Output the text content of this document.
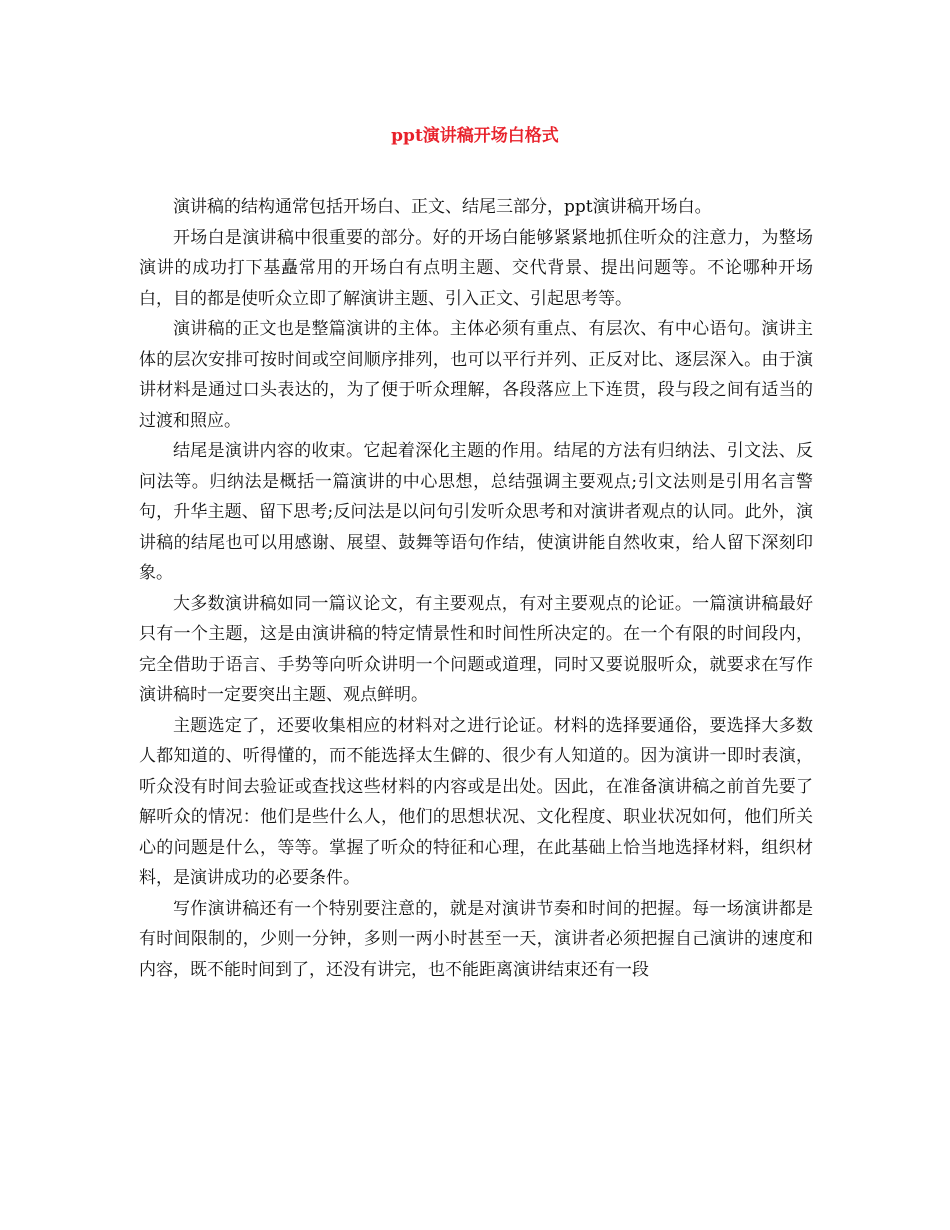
ppt演讲稿开场白格式

演讲稿的结构通常包括开场白、正文、结尾三部分，ppt演讲稿开场白。

开场白是演讲稿中很重要的部分。好的开场白能够紧紧地抓住听众的注意力，为整场演讲的成功打下基矗常用的开场白有点明主题、交代背景、提出问题等。不论哪种开场白，目的都是使听众立即了解演讲主题、引入正文、引起思考等。

演讲稿的正文也是整篇演讲的主体。主体必须有重点、有层次、有中心语句。演讲主体的层次安排可按时间或空间顺序排列，也可以平行并列、正反对比、逐层深入。由于演讲材料是通过口头表达的，为了便于听众理解，各段落应上下连贯，段与段之间有适当的过渡和照应。

结尾是演讲内容的收束。它起着深化主题的作用。结尾的方法有归纳法、引文法、反问法等。归纳法是概括一篇演讲的中心思想，总结强调主要观点;引文法则是引用名言警句，升华主题、留下思考;反问法是以问句引发听众思考和对演讲者观点的认同。此外，演讲稿的结尾也可以用感谢、展望、鼓舞等语句作结，使演讲能自然收束，给人留下深刻印象。

大多数演讲稿如同一篇议论文，有主要观点，有对主要观点的论证。一篇演讲稿最好只有一个主题，这是由演讲稿的特定情景性和时间性所决定的。在一个有限的时间段内，完全借助于语言、手势等向听众讲明一个问题或道理，同时又要说服听众，就要求在写作演讲稿时一定要突出主题、观点鲜明。

主题选定了，还要收集相应的材料对之进行论证。材料的选择要通俗，要选择大多数人都知道的、听得懂的，而不能选择太生僻的、很少有人知道的。因为演讲一即时表演，听众没有时间去验证或查找这些材料的内容或是出处。因此，在准备演讲稿之前首先要了解听众的情况：他们是些什么人，他们的思想状况、文化程度、职业状况如何，他们所关心的问题是什么，等等。掌握了听众的特征和心理，在此基础上恰当地选择材料，组织材料，是演讲成功的必要条件。

写作演讲稿还有一个特别要注意的，就是对演讲节奏和时间的把握。每一场演讲都是有时间限制的，少则一分钟，多则一两小时甚至一天，演讲者必须把握自己演讲的速度和内容，既不能时间到了，还没有讲完，也不能距离演讲结束还有一段
